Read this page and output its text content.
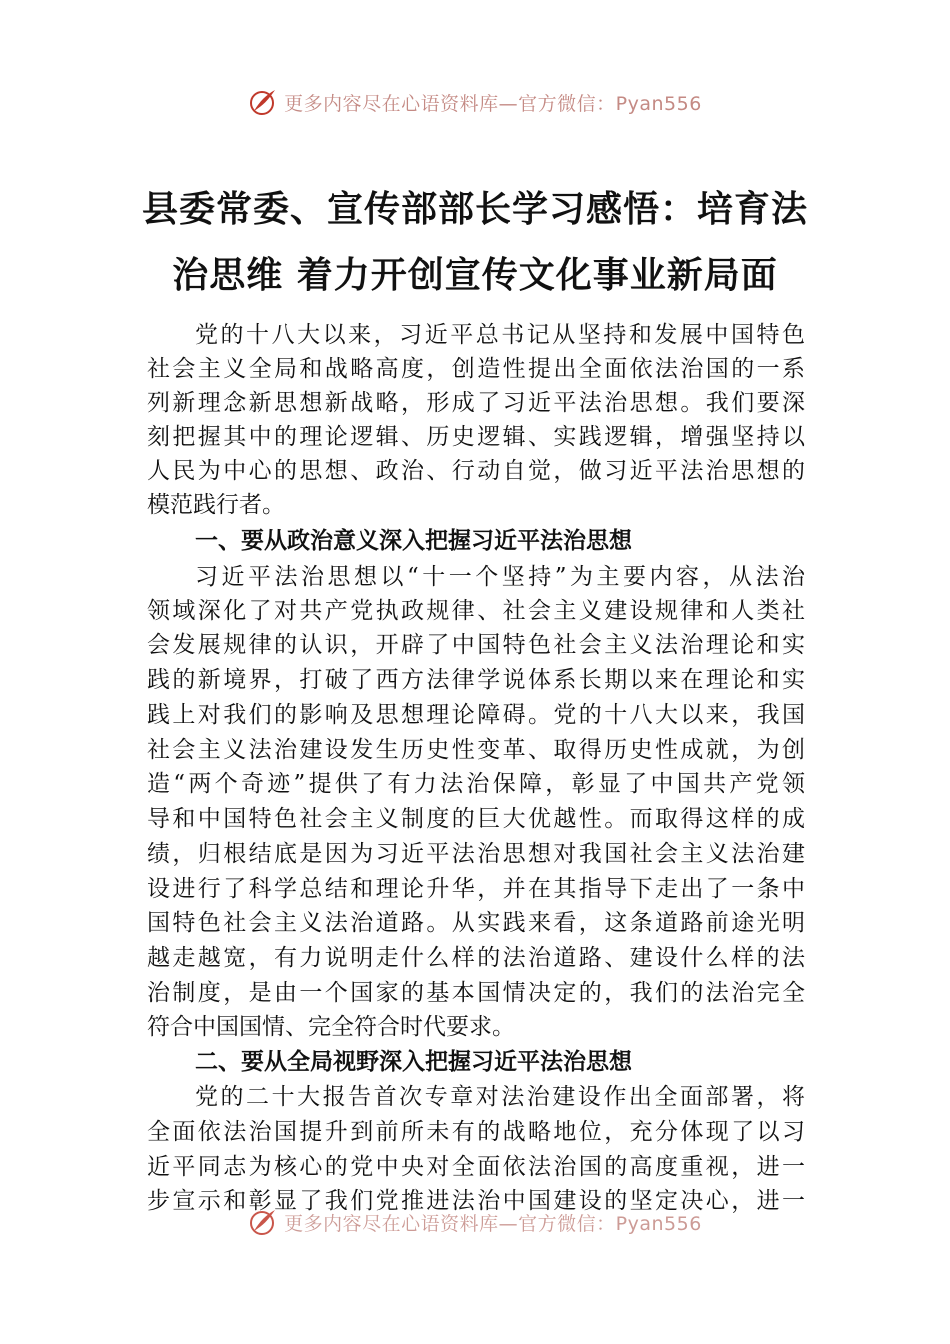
更多内容尽在心语资料库—官方微信：Pyan556
县委常委、宣传部部长学习感悟：培育法
治思维 着力开创宣传文化事业新局面
党的十八大以来，习近平总书记从坚持和发展中国特色
社会主义全局和战略高度，创造性提出全面依法治国的一系
列新理念新思想新战略，形成了习近平法治思想。我们要深
刻把握其中的理论逻辑、历史逻辑、实践逻辑，增强坚持以
人民为中心的思想、政治、行动自觉，做习近平法治思想的
模范践行者。
一、要从政治意义深入把握习近平法治思想
习近平法治思想以“十一个坚持”为主要内容，从法治
领域深化了对共产党执政规律、社会主义建设规律和人类社
会发展规律的认识，开辟了中国特色社会主义法治理论和实
践的新境界，打破了西方法律学说体系长期以来在理论和实
践上对我们的影响及思想理论障碍。党的十八大以来，我国
社会主义法治建设发生历史性变革、取得历史性成就，为创
造“两个奇迹”提供了有力法治保障，彰显了中国共产党领
导和中国特色社会主义制度的巨大优越性。而取得这样的成
绩，归根结底是因为习近平法治思想对我国社会主义法治建
设进行了科学总结和理论升华，并在其指导下走出了一条中
国特色社会主义法治道路。从实践来看，这条道路前途光明
越走越宽，有力说明走什么样的法治道路、建设什么样的法
治制度，是由一个国家的基本国情决定的，我们的法治完全
符合中国国情、完全符合时代要求。
二、要从全局视野深入把握习近平法治思想
党的二十大报告首次专章对法治建设作出全面部署，将
全面依法治国提升到前所未有的战略地位，充分体现了以习
近平同志为核心的党中央对全面依法治国的高度重视，进一
步宣示和彰显了我们党推进法治中国建设的坚定决心，进一
更多内容尽在心语资料库—官方微信：Pyan556
